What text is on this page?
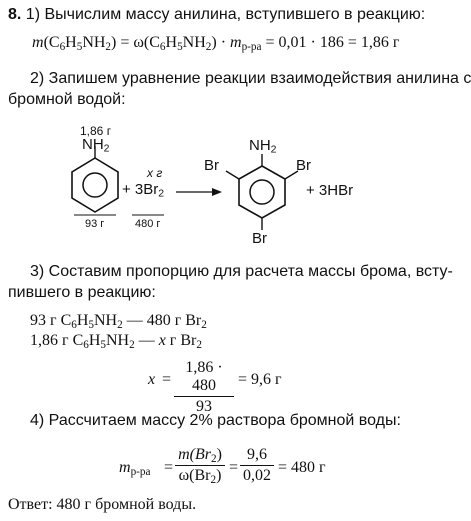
8. 1) Вычислим массу анилина, вступившего в реакцию:
$m(C_6H_5NH_2) = \omega(C_6H_5NH_2) \cdot m_{р-ра} = 0,01 \cdot 186 = 1,86$ г
2) Запишем уравнение реакции взаимодействия анилина с
бромной водой:
1,86 г
$NH_2$
x г
+ $3Br_2$
93 г	480 г
$NH_2$
Br	Br
Br
+ 3HBr
3) Составим пропорцию для расчета массы брома, всту-
пившего в реакцию:
93 г $C_6H_5NH_2$ — 480 г $Br_2$
1,86 г $C_6H_5NH_2$ — x г $Br_2$
$x = \frac{1,86 \cdot 480}{93} = 9,6$ г
4) Рассчитаем массу 2% раствора бромной воды:
$m_{р-ра} = \frac{m(Br_2)}{\omega(Br_2)} = \frac{9,6}{0,02} = 480$ г
Ответ: 480 г бромной воды.
